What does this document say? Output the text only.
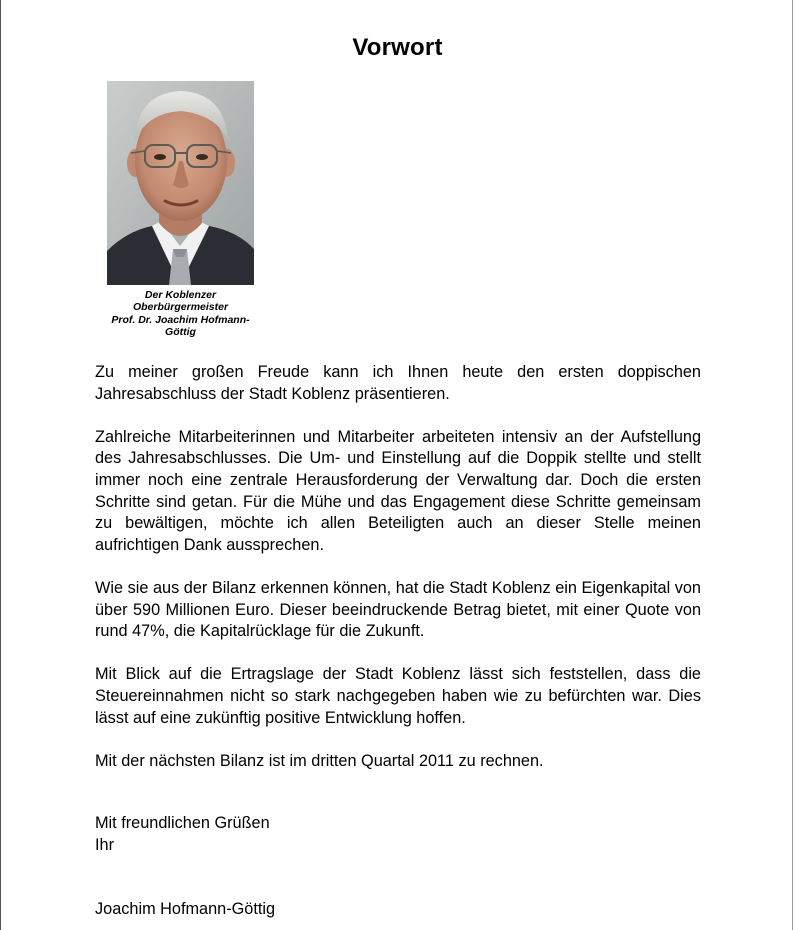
Vorwort
Der Koblenzer
Oberbürgermeister
Prof. Dr. Joachim Hofmann-
Göttig

Zu meiner großen Freude kann ich Ihnen heute den ersten doppischen Jahresabschluss der Stadt Koblenz präsentieren.

Zahlreiche Mitarbeiterinnen und Mitarbeiter arbeiteten intensiv an der Aufstellung des Jahresabschlusses. Die Um- und Einstellung auf die Doppik stellte und stellt immer noch eine zentrale Herausforderung der Verwaltung dar. Doch die ersten Schritte sind getan. Für die Mühe und das Engagement diese Schritte gemeinsam zu bewältigen, möchte ich allen Beteiligten auch an dieser Stelle meinen aufrichtigen Dank aussprechen.

Wie sie aus der Bilanz erkennen können, hat die Stadt Koblenz ein Eigenkapital von über 590 Millionen Euro. Dieser beeindruckende Betrag bietet, mit einer Quote von rund 47%, die Kapitalrücklage für die Zukunft.

Mit Blick auf die Ertragslage der Stadt Koblenz lässt sich feststellen, dass die Steuereinnahmen nicht so stark nachgegeben haben wie zu befürchten war. Dies lässt auf eine zukünftig positive Entwicklung hoffen.

Mit der nächsten Bilanz ist im dritten Quartal 2011 zu rechnen.

Mit freundlichen Grüßen
Ihr
Joachim Hofmann-Göttig
